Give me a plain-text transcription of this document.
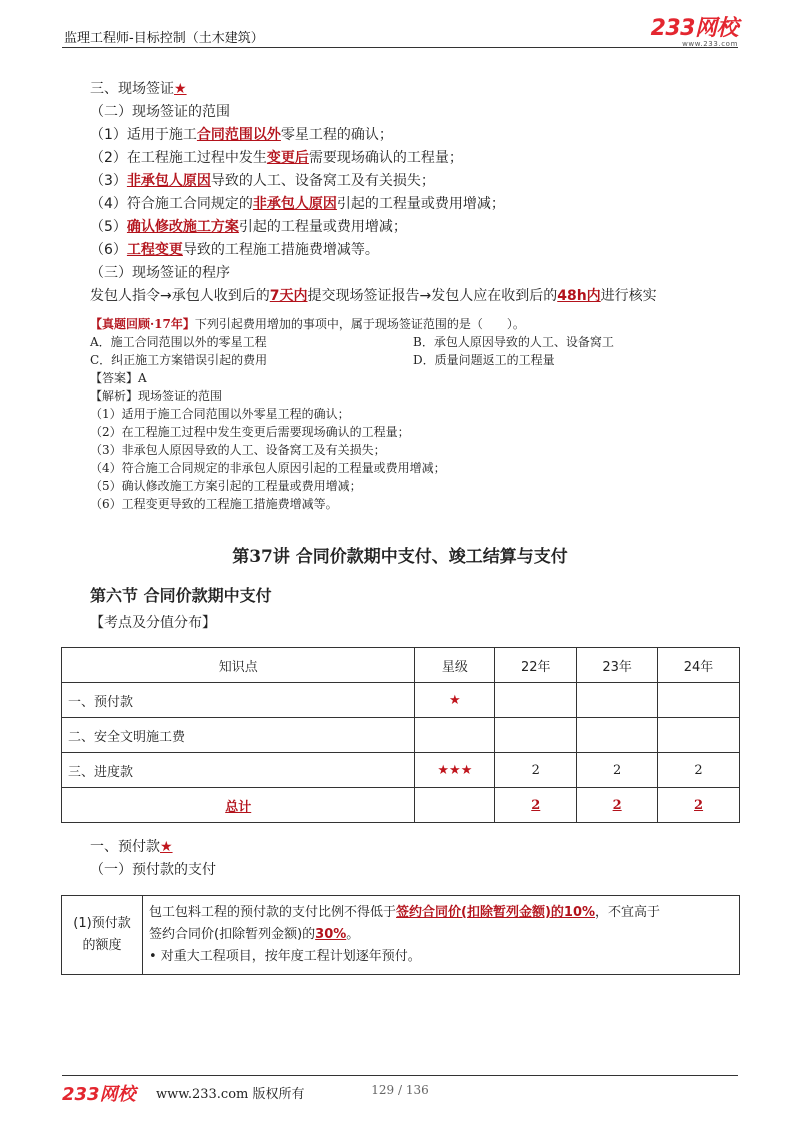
监理工程师-目标控制（土木建筑）	233网校
www.233.com
三、现场签证★
（二）现场签证的范围
（1）适用于施工合同范围以外零星工程的确认；
（2）在工程施工过程中发生变更后需要现场确认的工程量；
（3）非承包人原因导致的人工、设备窝工及有关损失；
（4）符合施工合同规定的非承包人原因引起的工程量或费用增减；
（5）确认修改施工方案引起的工程量或费用增减；
（6）工程变更导致的工程施工措施费增减等。
（三）现场签证的程序
发包人指令→承包人收到后的7天内提交现场签证报告→发包人应在收到后的48h内进行核实
【真题回顾·17年】下列引起费用增加的事项中，属于现场签证范围的是（　　）。
A．施工合同范围以外的零星工程	B．承包人原因导致的人工、设备窝工
C．纠正施工方案错误引起的费用	D．质量问题返工的工程量
【答案】A
【解析】现场签证的范围
（1）适用于施工合同范围以外零星工程的确认；
（2）在工程施工过程中发生变更后需要现场确认的工程量；
（3）非承包人原因导致的人工、设备窝工及有关损失；
（4）符合施工合同规定的非承包人原因引起的工程量或费用增减；
（5）确认修改施工方案引起的工程量或费用增减；
（6）工程变更导致的工程施工措施费增减等。
第37讲 合同价款期中支付、竣工结算与支付
第六节 合同价款期中支付
【考点及分值分布】
知识点	星级	22年	23年	24年
一、预付款	★			
二、安全文明施工费				
三、进度款	★★★	2	2	2
总计		2	2	2
一、预付款★
（一）预付款的支付
(1)预付款
的额度

包工包料工程的预付款的支付比例不得低于签约合同价(扣除暂列金额)的10%，不宜高于
签约合同价(扣除暂列金额)的30%。
• 对重大工程项目，按年度工程计划逐年预付。
233网校 www.233.com 版权所有	129 / 136
